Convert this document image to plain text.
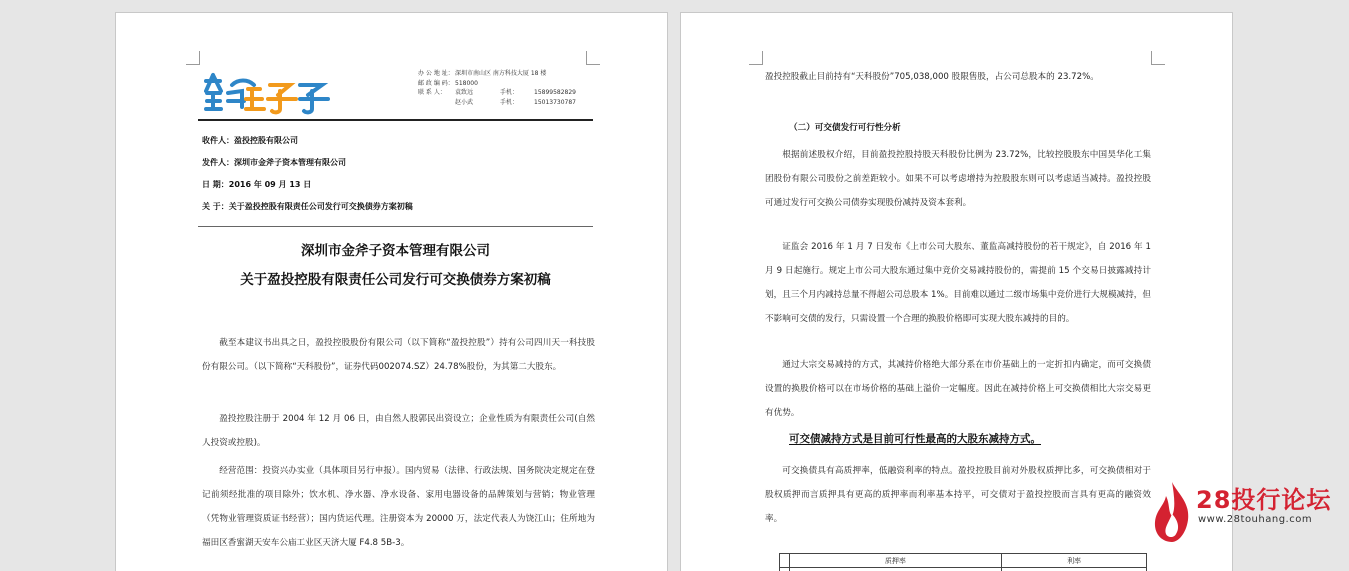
办 公 地 址： 深圳市南山区 南方科技大厦 18 楼
邮 政 编 码： 518000
联 系 人：	袁致远	手机：	15899582829
赵小武	手机：	15013730787
收件人：盈投控股有限公司
发件人：深圳市金斧子资本管理有限公司
日 期：2016 年 09 月 13 日
关 于：关于盈投控股有限责任公司发行可交换债券方案初稿
深圳市金斧子资本管理有限公司
关于盈投控股有限责任公司发行可交换债券方案初稿
截至本建议书出具之日，盈投控股股份有限公司（以下简称“盈投控股”）持有公司四川天一科技股份有限公司。（以下简称“天科股份”，证券代码002074.SZ）24.78%股份，为其第二大股东。
盈投控股注册于 2004 年 12 月 06 日，由自然人股郭民出资设立；企业性质为有限责任公司(自然人投资或控股)。
经营范围：投资兴办实业（具体项目另行申报）。国内贸易（法律、行政法规、国务院决定规定在登记前须经批准的项目除外；饮水机、净水器、净水设备、家用电器设备的品牌策划与营销；物业管理（凭物业管理资质证书经营）；国内货运代理。注册资本为 20000 万，法定代表人为饶江山；住所地为福田区香蜜湖天安车公庙工业区天济大厦 F4.8 5B-3。
盈投控股截止目前持有“天科股份”705,038,000 股限售股，占公司总股本的 23.72%。
（二）可交债发行可行性分析
根据前述股权介绍，目前盈投控股持股天科股份比例为 23.72%，比较控股股东中国昊华化工集团股份有限公司股份之前差距较小。如果不可以考虑增持为控股股东则可以考虑适当减持。盈投控股可通过发行可交换公司债券实现股份减持及资本套利。
证监会 2016 年 1 月 7 日发布《上市公司大股东、董监高减持股份的若干规定》，自 2016 年 1 月 9 日起施行。规定上市公司大股东通过集中竞价交易减持股份的，需提前 15 个交易日披露减持计划，且三个月内减持总量不得超公司总股本 1%。目前难以通过二级市场集中竞价进行大规模减持，但不影响可交债的发行，只需设置一个合理的换股价格即可实现大股东减持的目的。
通过大宗交易减持的方式，其减持价格绝大部分系在市价基础上的一定折扣内确定，而可交换债设置的换股价格可以在市场价格的基础上溢价一定幅度。因此在减持价格上可交换债相比大宗交易更有优势。
可交债减持方式是目前可行性最高的大股东减持方式。
可交换债具有高质押率，低融资利率的特点。盈投控股目前对外股权质押比多，可交换债相对于股权质押而言质押具有更高的质押率而利率基本持平，可交债对于盈投控股而言具有更高的融资效率。
	质押率	利率

28投行论坛
www.28touhang.com
